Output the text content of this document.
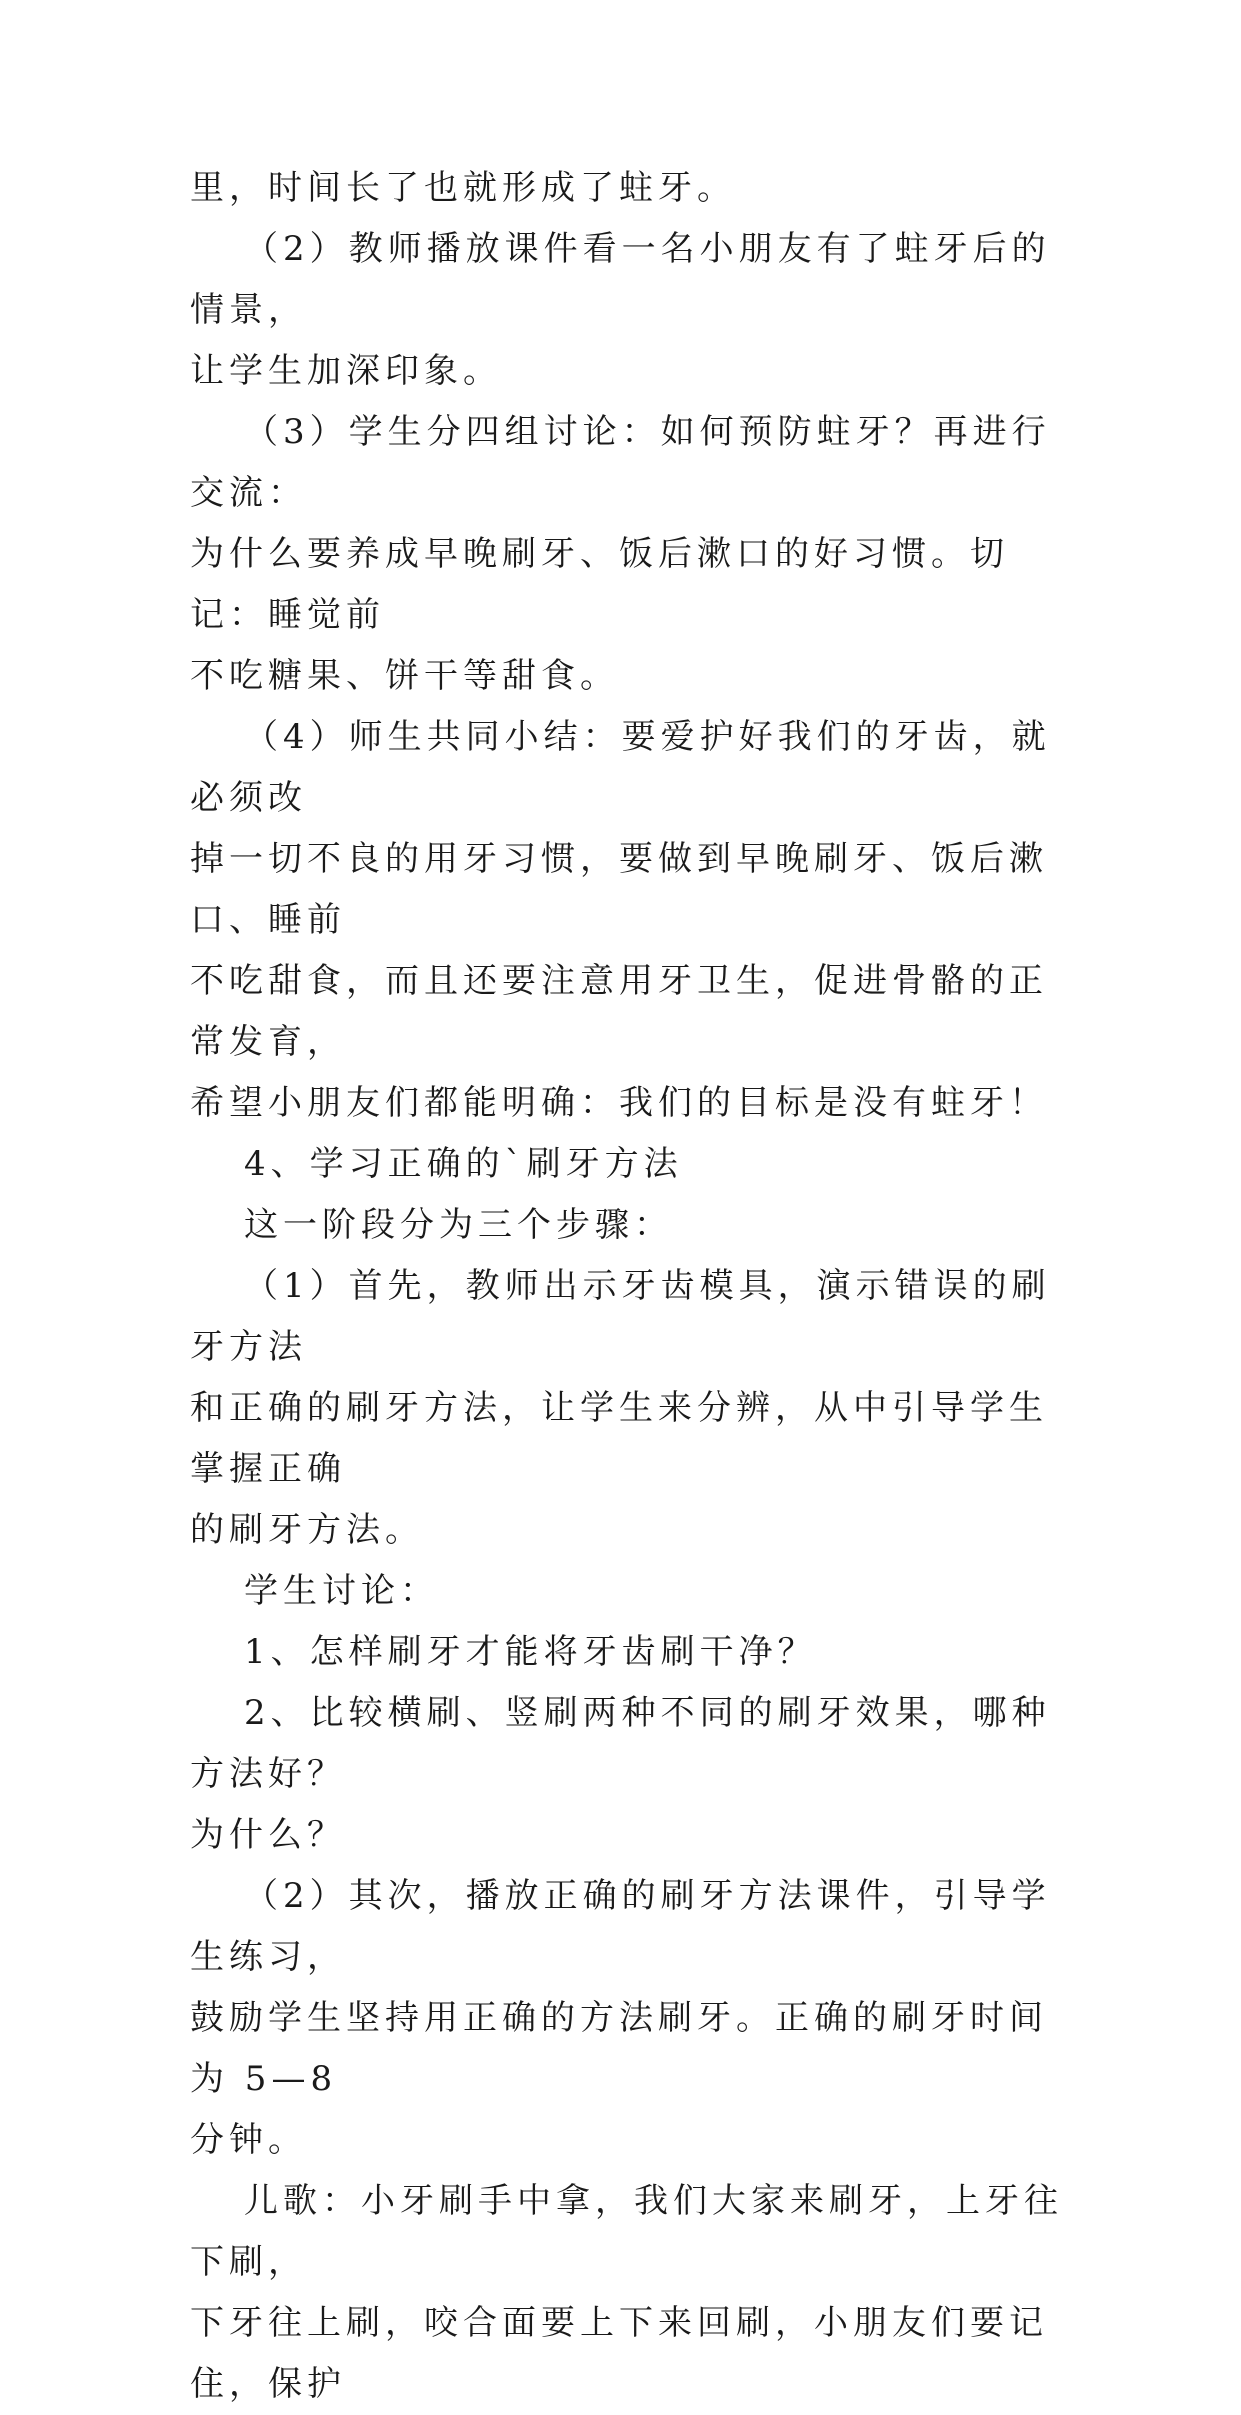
里，时间长了也就形成了蛀牙。

（2）教师播放课件看一名小朋友有了蛀牙后的情景，
让学生加深印象。

（3）学生分四组讨论：如何预防蛀牙？再进行交流：
为什么要养成早晚刷牙、饭后漱口的好习惯。切记：睡觉前
不吃糖果、饼干等甜食。

（4）师生共同小结：要爱护好我们的牙齿，就必须改
掉一切不良的用牙习惯，要做到早晚刷牙、饭后漱口、睡前
不吃甜食，而且还要注意用牙卫生，促进骨骼的正常发育，
希望小朋友们都能明确：我们的目标是没有蛀牙！

4、学习正确的`刷牙方法

这一阶段分为三个步骤：

（1）首先，教师出示牙齿模具，演示错误的刷牙方法
和正确的刷牙方法，让学生来分辨，从中引导学生掌握正确
的刷牙方法。

学生讨论：

1、怎样刷牙才能将牙齿刷干净？

2、比较横刷、竖刷两种不同的刷牙效果，哪种方法好？
为什么？

（2）其次，播放正确的刷牙方法课件，引导学生练习，
鼓励学生坚持用正确的方法刷牙。正确的刷牙时间为 5—8
分钟。

儿歌：小牙刷手中拿，我们大家来刷牙，上牙往下刷，
下牙往上刷，咬合面要上下来回刷，小朋友们要记住，保护
